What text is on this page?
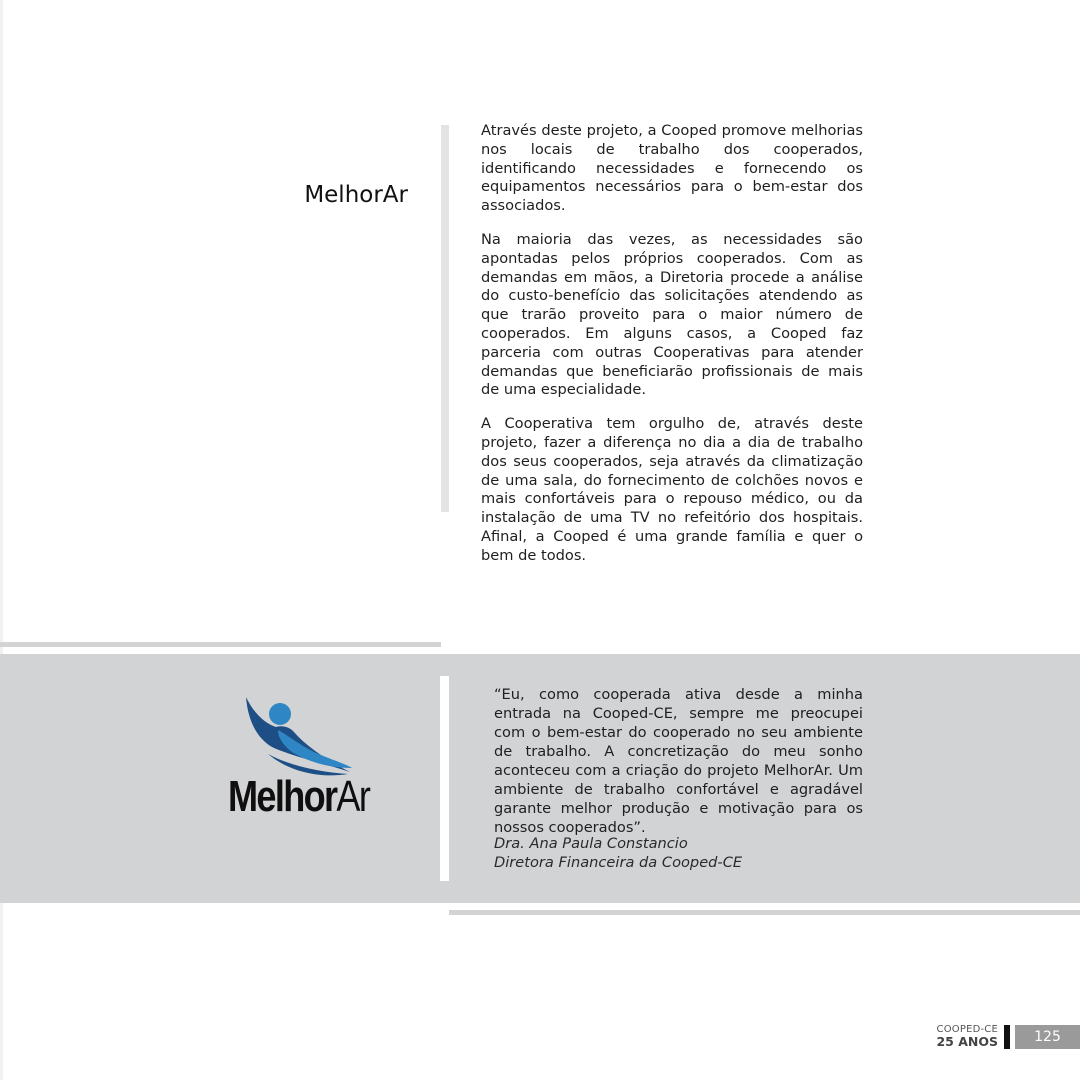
MelhorAr

Através deste projeto, a Cooped promove melhorias nos locais de trabalho dos cooperados, identificando necessidades e fornecendo os equipamentos necessários para o bem-estar dos associados.

Na maioria das vezes, as necessidades são apontadas pelos próprios cooperados. Com as demandas em mãos, a Diretoria procede a análise do custo-benefício das solicitações atendendo as que trarão proveito para o maior número de cooperados. Em alguns casos, a Cooped faz parceria com outras Cooperativas para atender demandas que beneficiarão profissionais de mais de uma especialidade.

A Cooperativa tem orgulho de, através deste projeto, fazer a diferença no dia a dia de trabalho dos seus cooperados, seja através da climatização de uma sala, do fornecimento de colchões novos e mais confortáveis para o repouso médico, ou da instalação de uma TV no refeitório dos hospitais. Afinal, a Cooped é uma grande família e quer o bem de todos.

MelhorAr

“Eu, como cooperada ativa desde a minha entrada na Cooped-CE, sempre me preocupei com o bem-estar do cooperado no seu ambiente de trabalho. A concretização do meu sonho aconteceu com a criação do projeto MelhorAr. Um ambiente de trabalho confortável e agradável garante melhor produção e motivação para os nossos cooperados”.

Dra. Ana Paula Constancio
Diretora Financeira da Cooped-CE
COOPED-CE
25 ANOS	125
